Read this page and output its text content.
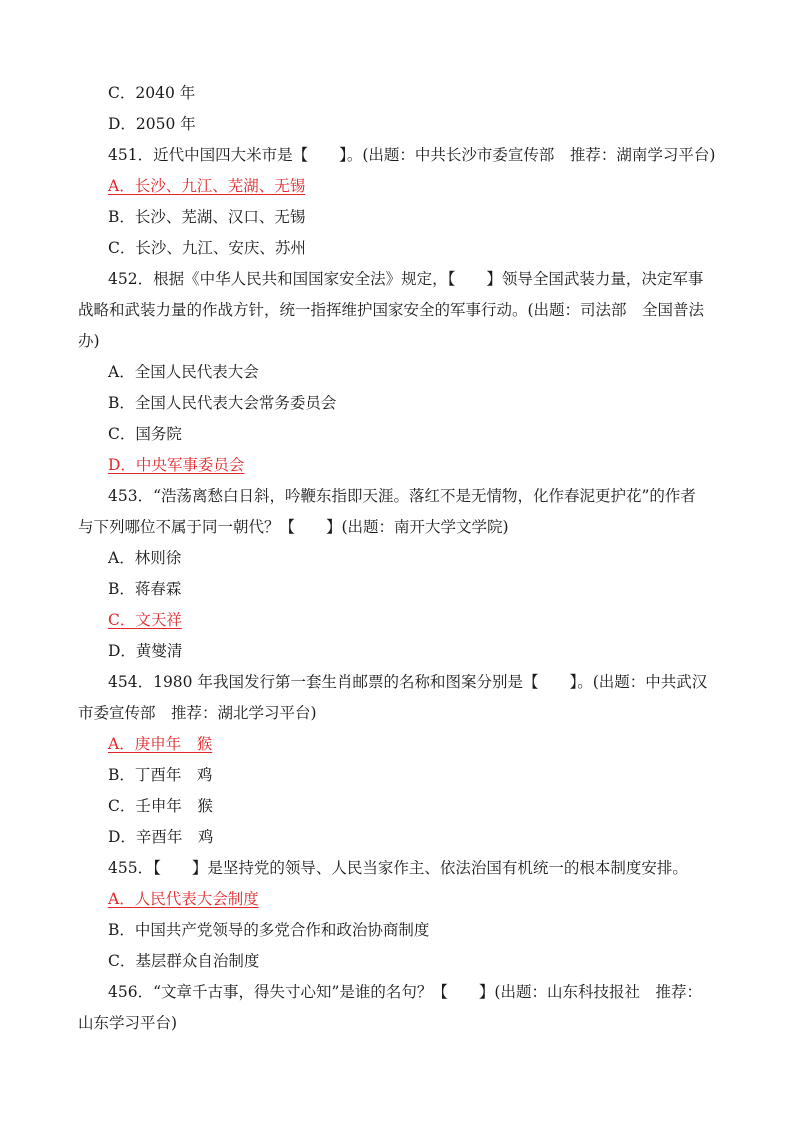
C．2040 年
D．2050 年
451．近代中国四大米市是【　　】。(出题：中共长沙市委宣传部　推荐：湖南学习平台)
A．长沙、九江、芜湖、无锡
B．长沙、芜湖、汉口、无锡
C．长沙、九江、安庆、苏州
452．根据《中华人民共和国国家安全法》规定，【　　】领导全国武装力量，决定军事
战略和武装力量的作战方针，统一指挥维护国家安全的军事行动。(出题：司法部　全国普法
办)
A．全国人民代表大会
B．全国人民代表大会常务委员会
C．国务院
D．中央军事委员会
453．“浩荡离愁白日斜，吟鞭东指即天涯。落红不是无情物，化作春泥更护花”的作者
与下列哪位不属于同一朝代？【　　】(出题：南开大学文学院)
A．林则徐
B．蒋春霖
C．文天祥
D．黄燮清
454．1980 年我国发行第一套生肖邮票的名称和图案分别是【　　】。(出题：中共武汉
市委宣传部　推荐：湖北学习平台)
A．庚申年　猴
B．丁酉年　鸡
C．壬申年　猴
D．辛酉年　鸡
455．【　　】是坚持党的领导、人民当家作主、依法治国有机统一的根本制度安排。
A．人民代表大会制度
B．中国共产党领导的多党合作和政治协商制度
C．基层群众自治制度
456．“文章千古事，得失寸心知”是谁的名句？【　　】(出题：山东科技报社　推荐：
山东学习平台)
